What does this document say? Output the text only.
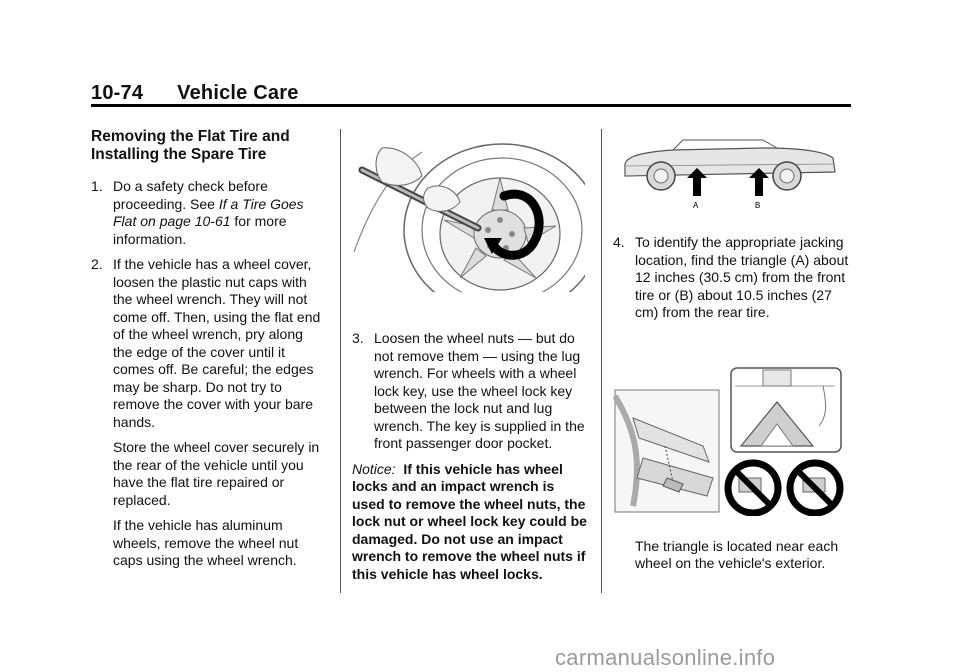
10-74 Vehicle Care
Removing the Flat Tire and Installing the Spare Tire
1. Do a safety check before proceeding. See If a Tire Goes Flat on page 10-61 for more information.
2. If the vehicle has a wheel cover, loosen the plastic nut caps with the wheel wrench. They will not come off. Then, using the flat end of the wheel wrench, pry along the edge of the cover until it comes off. Be careful; the edges may be sharp. Do not try to remove the cover with your bare hands.
Store the wheel cover securely in the rear of the vehicle until you have the flat tire repaired or replaced.
If the vehicle has aluminum wheels, remove the wheel nut caps using the wheel wrench.
3. Loosen the wheel nuts — but do not remove them — using the lug wrench. For wheels with a wheel lock key, use the wheel lock key between the lock nut and lug wrench. The key is supplied in the front passenger door pocket.
Notice: If this vehicle has wheel locks and an impact wrench is used to remove the wheel nuts, the lock nut or wheel lock key could be damaged. Do not use an impact wrench to remove the wheel nuts if this vehicle has wheel locks.
A	B
4. To identify the appropriate jacking location, find the triangle (A) about 12 inches (30.5 cm) from the front tire or (B) about 10.5 inches (27 cm) from the rear tire.
The triangle is located near each wheel on the vehicle's exterior.
carmanualsonline.info
